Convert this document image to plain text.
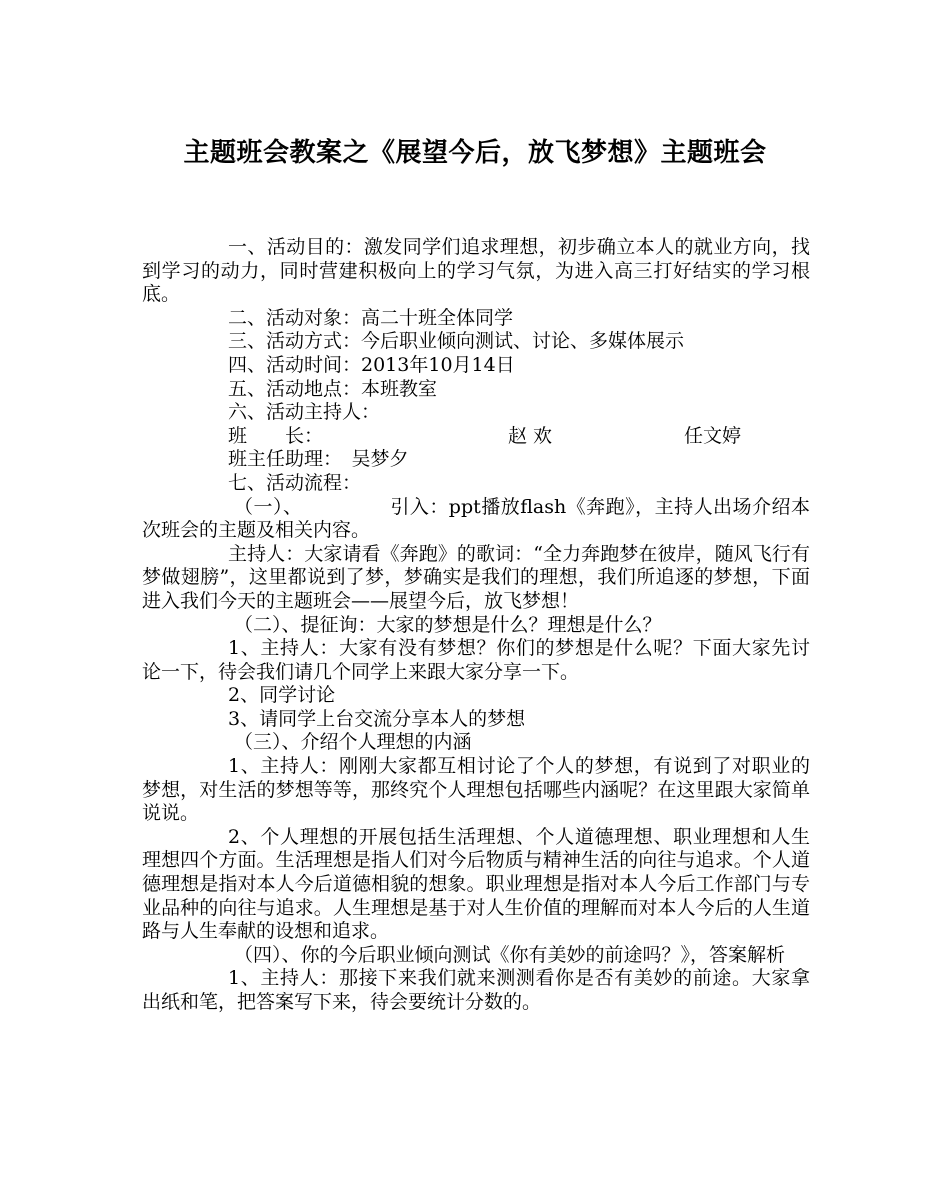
主题班会教案之《展望今后，放飞梦想》主题班会

一、活动目的：激发同学们追求理想，初步确立本人的就业方向，找到学习的动力，同时营建积极向上的学习气氛，为进入高三打好结实的学习根底。

二、活动对象：高二十班全体同学

三、活动方式：今后职业倾向测试、讨论、多媒体展示

四、活动时间：2013年10月14日

五、活动地点：本班教室

六、活动主持人：

班　　长：	赵 欢	任文婷

班主任助理：　吴梦夕

七、活动流程：

（一）、　　　　　引入：ppt播放flash《奔跑》，主持人出场介绍本次班会的主题及相关内容。

主持人：大家请看《奔跑》的歌词：“全力奔跑梦在彼岸，随风飞行有梦做翅膀”，这里都说到了梦，梦确实是我们的理想，我们所追逐的梦想，下面进入我们今天的主题班会——展望今后，放飞梦想！

（二）、提征询：大家的梦想是什么？理想是什么？

1、主持人：大家有没有梦想？你们的梦想是什么呢？下面大家先讨论一下，待会我们请几个同学上来跟大家分享一下。

2、同学讨论

3、请同学上台交流分享本人的梦想

（三）、介绍个人理想的内涵

1、主持人：刚刚大家都互相讨论了个人的梦想，有说到了对职业的梦想，对生活的梦想等等，那终究个人理想包括哪些内涵呢？在这里跟大家简单说说。

2、个人理想的开展包括生活理想、个人道德理想、职业理想和人生理想四个方面。生活理想是指人们对今后物质与精神生活的向往与追求。个人道德理想是指对本人今后道德相貌的想象。职业理想是指对本人今后工作部门与专业品种的向往与追求。人生理想是基于对人生价值的理解而对本人今后的人生道路与人生奉献的设想和追求。

（四）、你的今后职业倾向测试《你有美妙的前途吗？》，答案解析

1、主持人：那接下来我们就来测测看你是否有美妙的前途。大家拿出纸和笔，把答案写下来，待会要统计分数的。
